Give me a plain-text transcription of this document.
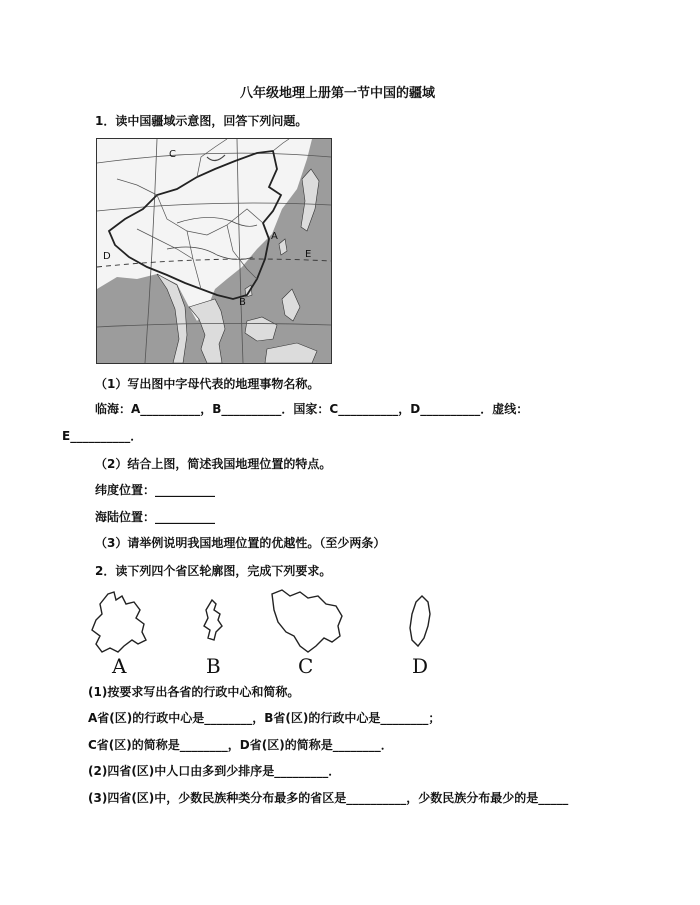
八年级地理上册第一节中国的疆域
1．读中国疆域示意图，回答下列问题。
C
D	E
A
B
（1）写出图中字母代表的地理事物名称。
临海：A__________，B__________．国家：C__________，D__________．虚线：
E__________．
（2）结合上图，简述我国地理位置的特点。
纬度位置：__________
海陆位置：__________
（3）请举例说明我国地理位置的优越性。（至少两条）
2．读下列四个省区轮廓图，完成下列要求。
A	B	C	D
(1)按要求写出各省的行政中心和简称。
A省(区)的行政中心是________，B省(区)的行政中心是________；
C省(区)的简称是________，D省(区)的简称是________．
(2)四省(区)中人口由多到少排序是_________．
(3)四省(区)中，少数民族种类分布最多的省区是__________，少数民族分布最少的是_____
